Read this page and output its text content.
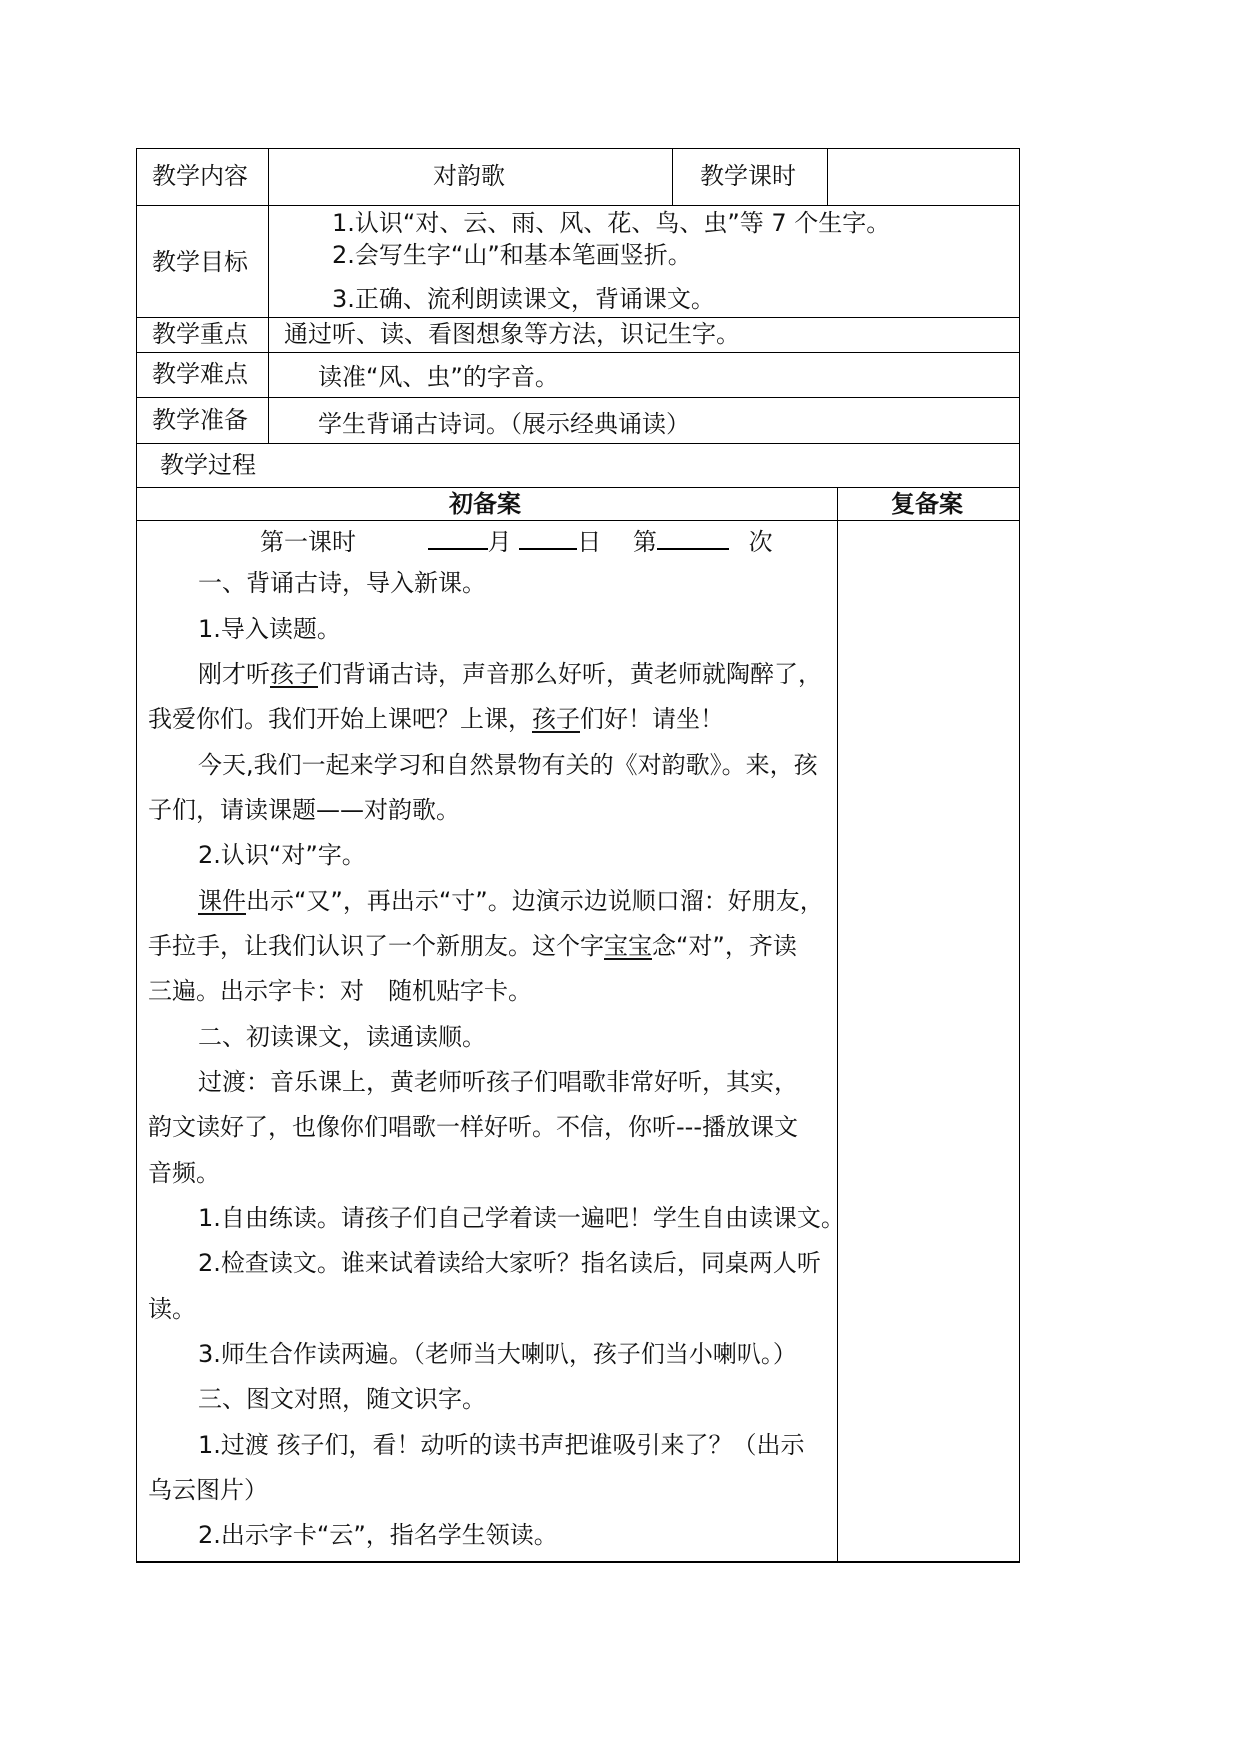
教学内容	对韵歌	教学课时
教学目标
1.认识“对、云、雨、风、花、鸟、虫”等 7 个生字。
2.会写生字“山”和基本笔画竖折。
3.正确、流利朗读课文，背诵课文。
教学重点 通过听、读、看图想象等方法，识记生字。
教学难点	读准“风、虫”的字音。
教学准备	学生背诵古诗词。（展示经典诵读）
教学过程
初备案	复备案
第一课时	月	日 第	次
一、背诵古诗，导入新课。
1.导入读题。
刚才听孩子们背诵古诗，声音那么好听，黄老师就陶醉了，
我爱你们。我们开始上课吧？上课，孩子们好！请坐！
今天,我们一起来学习和自然景物有关的《对韵歌》。来，孩
子们，请读课题——对韵歌。
2.认识“对”字。
课件出示“又”，再出示“寸”。边演示边说顺口溜：好朋友，
手拉手，让我们认识了一个新朋友。这个字宝宝念“对”，齐读
三遍。出示字卡：对　随机贴字卡。
二、初读课文，读通读顺。
过渡：音乐课上，黄老师听孩子们唱歌非常好听，其实，
韵文读好了，也像你们唱歌一样好听。不信，你听---播放课文
音频。
1.自由练读。请孩子们自己学着读一遍吧！学生自由读课文。
2.检查读文。谁来试着读给大家听？指名读后，同桌两人听
读。
3.师生合作读两遍。（老师当大喇叭，孩子们当小喇叭。）
三、图文对照，随文识字。
1.过渡 孩子们，看！动听的读书声把谁吸引来了？（出示
乌云图片）
2.出示字卡“云”，指名学生领读。
